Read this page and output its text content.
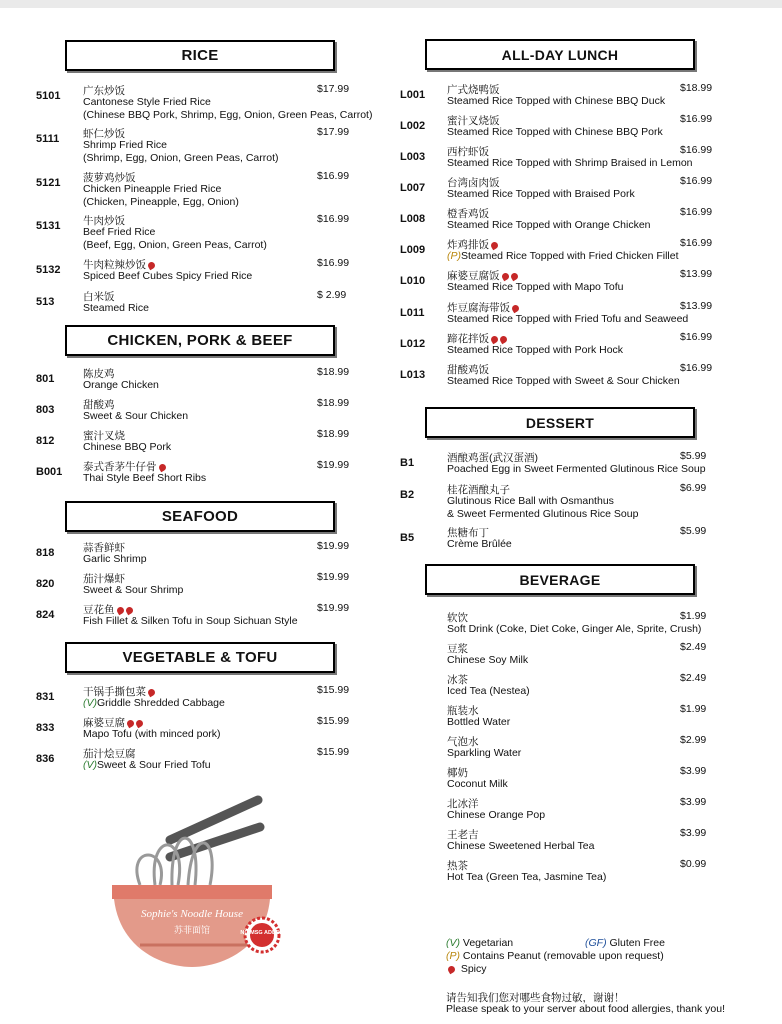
RICE
CHICKEN, PORK & BEEF
SEAFOOD
VEGETABLE & TOFU
ALL-DAY LUNCH
DESSERT
BEVERAGE
5101 广东炒饭
Cantonese Style Fried Rice
(Chinese BBQ Pork, Shrimp, Egg, Onion, Green Peas, Carrot)
$17.99
5111 虾仁炒饭
Shrimp Fried Rice
(Shrimp, Egg, Onion, Green Peas, Carrot)
$17.99
5121 菠萝鸡炒饭
Chicken Pineapple Fried Rice
(Chicken, Pineapple, Egg, Onion)
$16.99
5131 牛肉炒饭
Beef Fried Rice
(Beef, Egg, Onion, Green Peas, Carrot)
$16.99
5132 牛肉粒辣炒饭
Spiced Beef Cubes Spicy Fried Rice
$16.99
513	白米饭
Steamed Rice
$ 2.99
801	陈皮鸡
Orange Chicken
$18.99
803	甜酸鸡
Sweet & Sour Chicken
$18.99
812	蜜汁叉烧
Chinese BBQ Pork
$18.99
B001 泰式香茅牛仔骨
Thai Style Beef Short Ribs
$19.99
818	蒜香鲜虾
Garlic Shrimp
$19.99
820	茄汁爆虾
Sweet & Sour Shrimp
$19.99
824	豆花鱼
Fish Fillet & Silken Tofu in Soup Sichuan Style
$19.99
831	干锅手撕包菜
(V)Griddle Shredded Cabbage
$15.99
833	麻婆豆腐
Mapo Tofu (with minced pork)
$15.99
836	茄汁烩豆腐
(V)Sweet & Sour Fried Tofu
$15.99
L001 广式烧鸭饭
Steamed Rice Topped with Chinese BBQ Duck
$18.99
L002 蜜汁叉烧饭
Steamed Rice Topped with Chinese BBQ Pork
$16.99
L003 西柠虾饭
Steamed Rice Topped with Shrimp Braised in Lemon
$16.99
L007 台湾卤肉饭
Steamed Rice Topped with Braised Pork
$16.99
L008 橙香鸡饭
Steamed Rice Topped with Orange Chicken
$16.99
L009 炸鸡排饭
(P)Steamed Rice Topped with Fried Chicken Fillet
$16.99
L010 麻婆豆腐饭
Steamed Rice Topped with Mapo Tofu
$13.99
L011 炸豆腐海带饭
Steamed Rice Topped with Fried Tofu and Seaweed
$13.99
L012 蹄花拌饭
Steamed Rice Topped with Pork Hock
$16.99
L013 甜酸鸡饭
Steamed Rice Topped with Sweet & Sour Chicken
$16.99
B1	酒酿鸡蛋(武汉蛋酒)
Poached Egg in Sweet Fermented Glutinous Rice Soup
$5.99
B2	桂花酒酿丸子
Glutinous Rice Ball with Osmanthus
& Sweet Fermented Glutinous Rice Soup
$6.99
B5	焦糖布丁
Crème Brûlée
$5.99
软饮
Soft Drink (Coke, Diet Coke, Ginger Ale, Sprite, Crush)
$1.99
豆浆
Chinese Soy Milk
$2.49
冰茶
Iced Tea (Nestea)
$2.49
瓶装水
Bottled Water
$1.99
气泡水
Sparkling Water
$2.99
椰奶
Coconut Milk
$3.99
北冰洋
Chinese Orange Pop
$3.99
王老吉
Chinese Sweetened Herbal Tea
$3.99
热茶
Hot Tea (Green Tea, Jasmine Tea)
$0.99
Sophie's Noodle House
苏菲面馆	NO MSG ADDED
(V) Vegetarian	(GF) Gluten Free
(P) Contains Peanut (removable upon request)
Spicy
请告知我们您对哪些食物过敏，谢谢！
Please speak to your server about food allergies, thank you!
